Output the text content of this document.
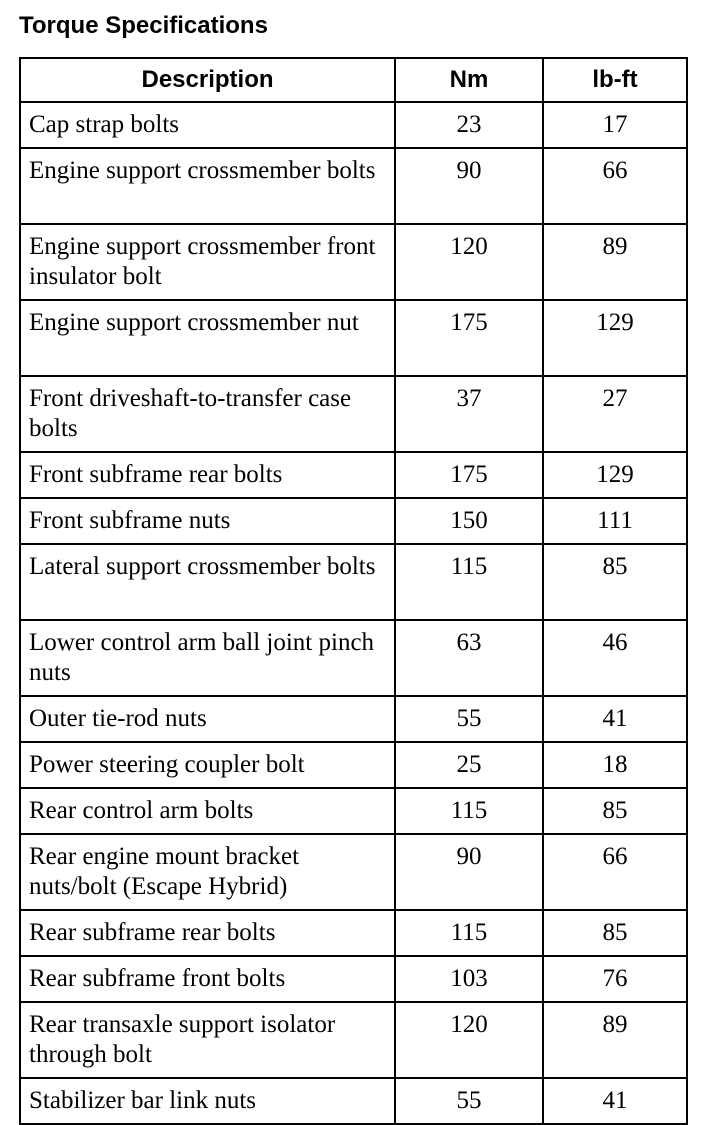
Torque Specifications
Description	Nm	lb-ft
Cap strap bolts	23	17
Engine support crossmember bolts	90	66
Engine support crossmember front insulator bolt	120	89
Engine support crossmember nut	175	129
Front driveshaft-to-transfer case bolts	37	27
Front subframe rear bolts	175	129
Front subframe nuts	150	111
Lateral support crossmember bolts	115	85
Lower control arm ball joint pinch nuts	63	46
Outer tie-rod nuts	55	41
Power steering coupler bolt	25	18
Rear control arm bolts	115	85
Rear engine mount bracket nuts/bolt (Escape Hybrid)	90	66
Rear subframe rear bolts	115	85
Rear subframe front bolts	103	76
Rear transaxle support isolator through bolt	120	89
Stabilizer bar link nuts	55	41
